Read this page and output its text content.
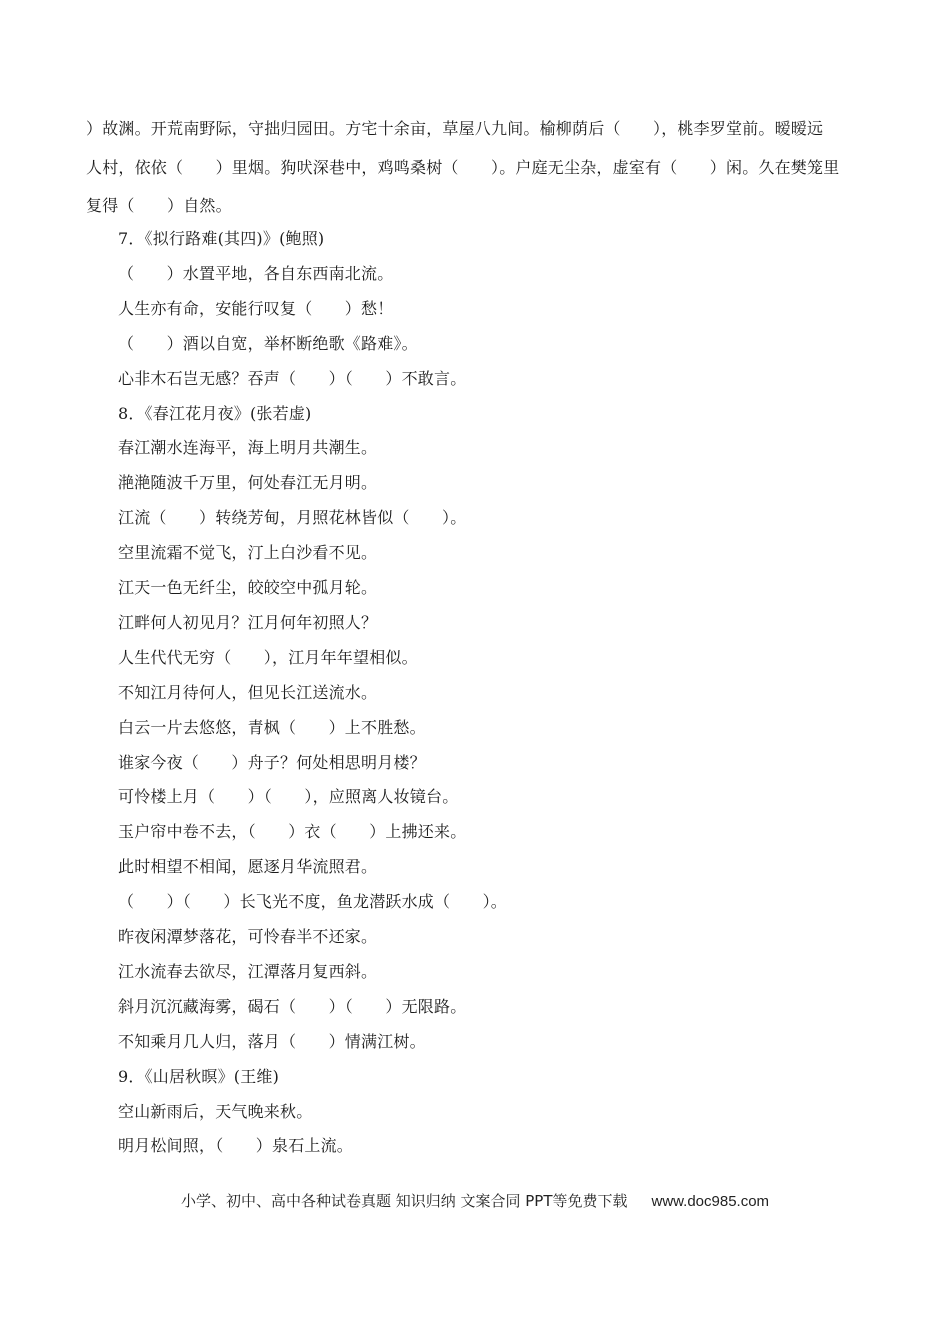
）故渊。开荒南野际，守拙归园田。方宅十余亩，草屋八九间。榆柳荫后（　　），桃李罗堂前。暧暧远
人村，依依（　　）里烟。狗吠深巷中，鸡鸣桑树（　　）。户庭无尘杂，虚室有（　　）闲。久在樊笼里
复得（　　）自然。
7．《拟行路难(其四)》(鲍照)
（　　）水置平地，各自东西南北流。
人生亦有命，安能行叹复（　　）愁！
（　　）酒以自宽，举杯断绝歌《路难》。
心非木石岂无感？吞声（　　）（　　）不敢言。
8．《春江花月夜》(张若虚)
春江潮水连海平，海上明月共潮生。
滟滟随波千万里，何处春江无月明。
江流（　　）转绕芳甸，月照花林皆似（　　）。
空里流霜不觉飞，汀上白沙看不见。
江天一色无纤尘，皎皎空中孤月轮。
江畔何人初见月？江月何年初照人？
人生代代无穷（　　），江月年年望相似。
不知江月待何人，但见长江送流水。
白云一片去悠悠，青枫（　　）上不胜愁。
谁家今夜（　　）舟子？何处相思明月楼？
可怜楼上月（　　）（　　），应照离人妆镜台。
玉户帘中卷不去，（　　）衣（　　）上拂还来。
此时相望不相闻，愿逐月华流照君。
（　　）（　　）长飞光不度，鱼龙潜跃水成（　　）。
昨夜闲潭梦落花，可怜春半不还家。
江水流春去欲尽，江潭落月复西斜。
斜月沉沉藏海雾，碣石（　　）（　　）无限路。
不知乘月几人归，落月（　　）情满江树。
9．《山居秋暝》(王维)
空山新雨后，天气晚来秋。
明月松间照，（　　）泉石上流。
小学、初中、高中各种试卷真题 知识归纳 文案合同 PPT等免费下载 www.doc985.com
